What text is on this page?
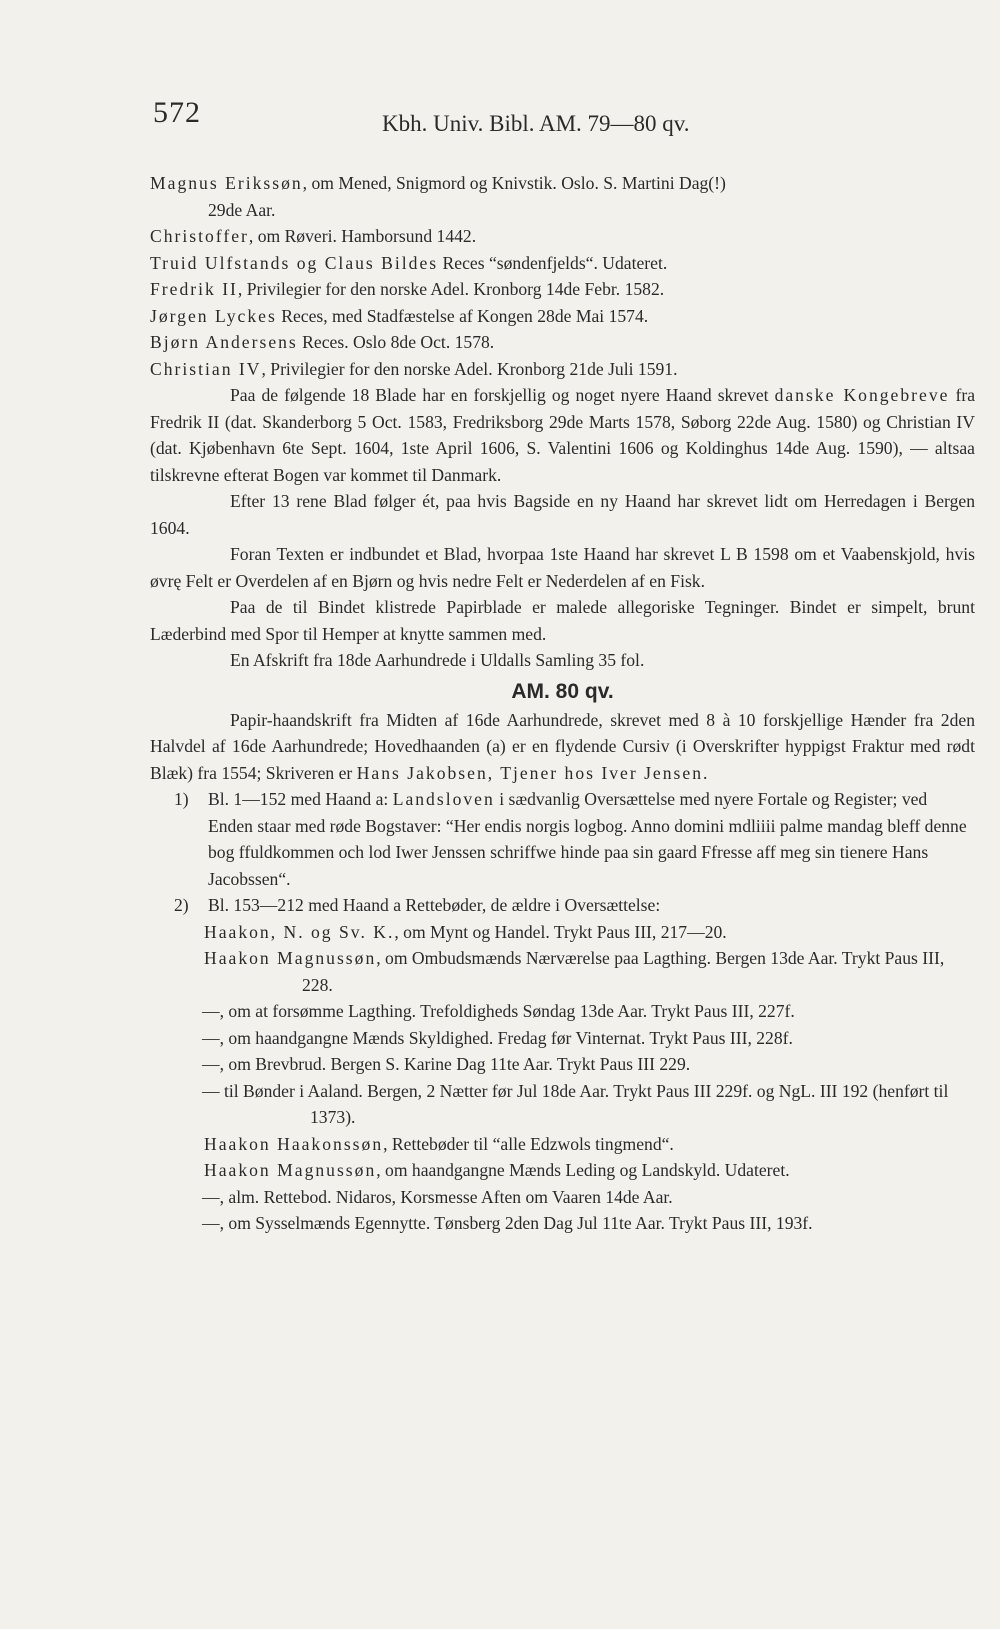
572	Kbh. Univ. Bibl. AM. 79—80 qv.

Magnus Erikssøn, om Mened, Snigmord og Knivstik. Oslo. S. Martini Dag(!)

29de Aar.

Christoffer, om Røveri. Hamborsund 1442.

Truid Ulfstands og Claus Bildes Reces “søndenfjelds“. Udateret.

Fredrik II, Privilegier for den norske Adel. Kronborg 14de Febr. 1582.

Jørgen Lyckes Reces, med Stadfæstelse af Kongen 28de Mai 1574.

Bjørn Andersens Reces. Oslo 8de Oct. 1578.

Christian IV, Privilegier for den norske Adel. Kronborg 21de Juli 1591.

Paa de følgende 18 Blade har en forskjellig og noget nyere Haand skrevet danske Kongebreve fra Fredrik II (dat. Skanderborg 5 Oct. 1583, Fredriksborg 29de Marts 1578, Søborg 22de Aug. 1580) og Christian IV (dat. Kjøbenhavn 6te Sept. 1604, 1ste April 1606, S. Valentini 1606 og Koldinghus 14de Aug. 1590), — altsaa tilskrevne efterat Bogen var kommet til Danmark.

Efter 13 rene Blad følger ét, paa hvis Bagside en ny Haand har skrevet lidt om Herredagen i Bergen 1604.

Foran Texten er indbundet et Blad, hvorpaa 1ste Haand har skrevet L B 1598 om et Vaabenskjold, hvis øvrę Felt er Overdelen af en Bjørn og hvis nedre Felt er Nederdelen af en Fisk.

Paa de til Bindet klistrede Papirblade er malede allegoriske Tegninger. Bindet er simpelt, brunt Læderbind med Spor til Hemper at knytte sammen med.

En Afskrift fra 18de Aarhundrede i Uldalls Samling 35 fol.

AM. 80 qv.

Papir-haandskrift fra Midten af 16de Aarhundrede, skrevet med 8 à 10 forskjellige Hænder fra 2den Halvdel af 16de Aarhundrede; Hovedhaanden (a) er en flydende Cursiv (i Overskrifter hyppigst Fraktur med rødt Blæk) fra 1554; Skriveren er Hans Jakobsen, Tjener hos Iver Jensen.

1) Bl. 1—152 med Haand a: Landsloven i sædvanlig Oversættelse med nyere Fortale og Register; ved Enden staar med røde Bogstaver: “Her endis norgis logbog. Anno domini mdliiii palme mandag bleff denne bog ffuldkommen och lod Iwer Jenssen schriffwe hinde paa sin gaard Ffresse aff meg sin tienere Hans Jacobssen“.

2) Bl. 153—212 med Haand a Rettebøder, de ældre i Oversættelse:

Haakon, N. og Sv. K., om Mynt og Handel. Trykt Paus III, 217—20.

Haakon Magnussøn, om Ombudsmænds Nærværelse paa Lagthing. Bergen 13de Aar. Trykt Paus III, 228.

—, om at forsømme Lagthing. Trefoldigheds Søndag 13de Aar. Trykt Paus III, 227f.

—, om haandgangne Mænds Skyldighed. Fredag før Vinternat. Trykt Paus III, 228f.

—, om Brevbrud. Bergen S. Karine Dag 11te Aar. Trykt Paus III 229.

— til Bønder i Aaland. Bergen, 2 Nætter før Jul 18de Aar. Trykt Paus III 229f. og NgL. III 192 (henført til 1373).

Haakon Haakonssøn, Rettebøder til “alle Edzwols tingmend“.

Haakon Magnussøn, om haandgangne Mænds Leding og Landskyld. Udateret.

—, alm. Rettebod. Nidaros, Korsmesse Aften om Vaaren 14de Aar.

—, om Sysselmænds Egennytte. Tønsberg 2den Dag Jul 11te Aar. Trykt Paus III, 193f.
